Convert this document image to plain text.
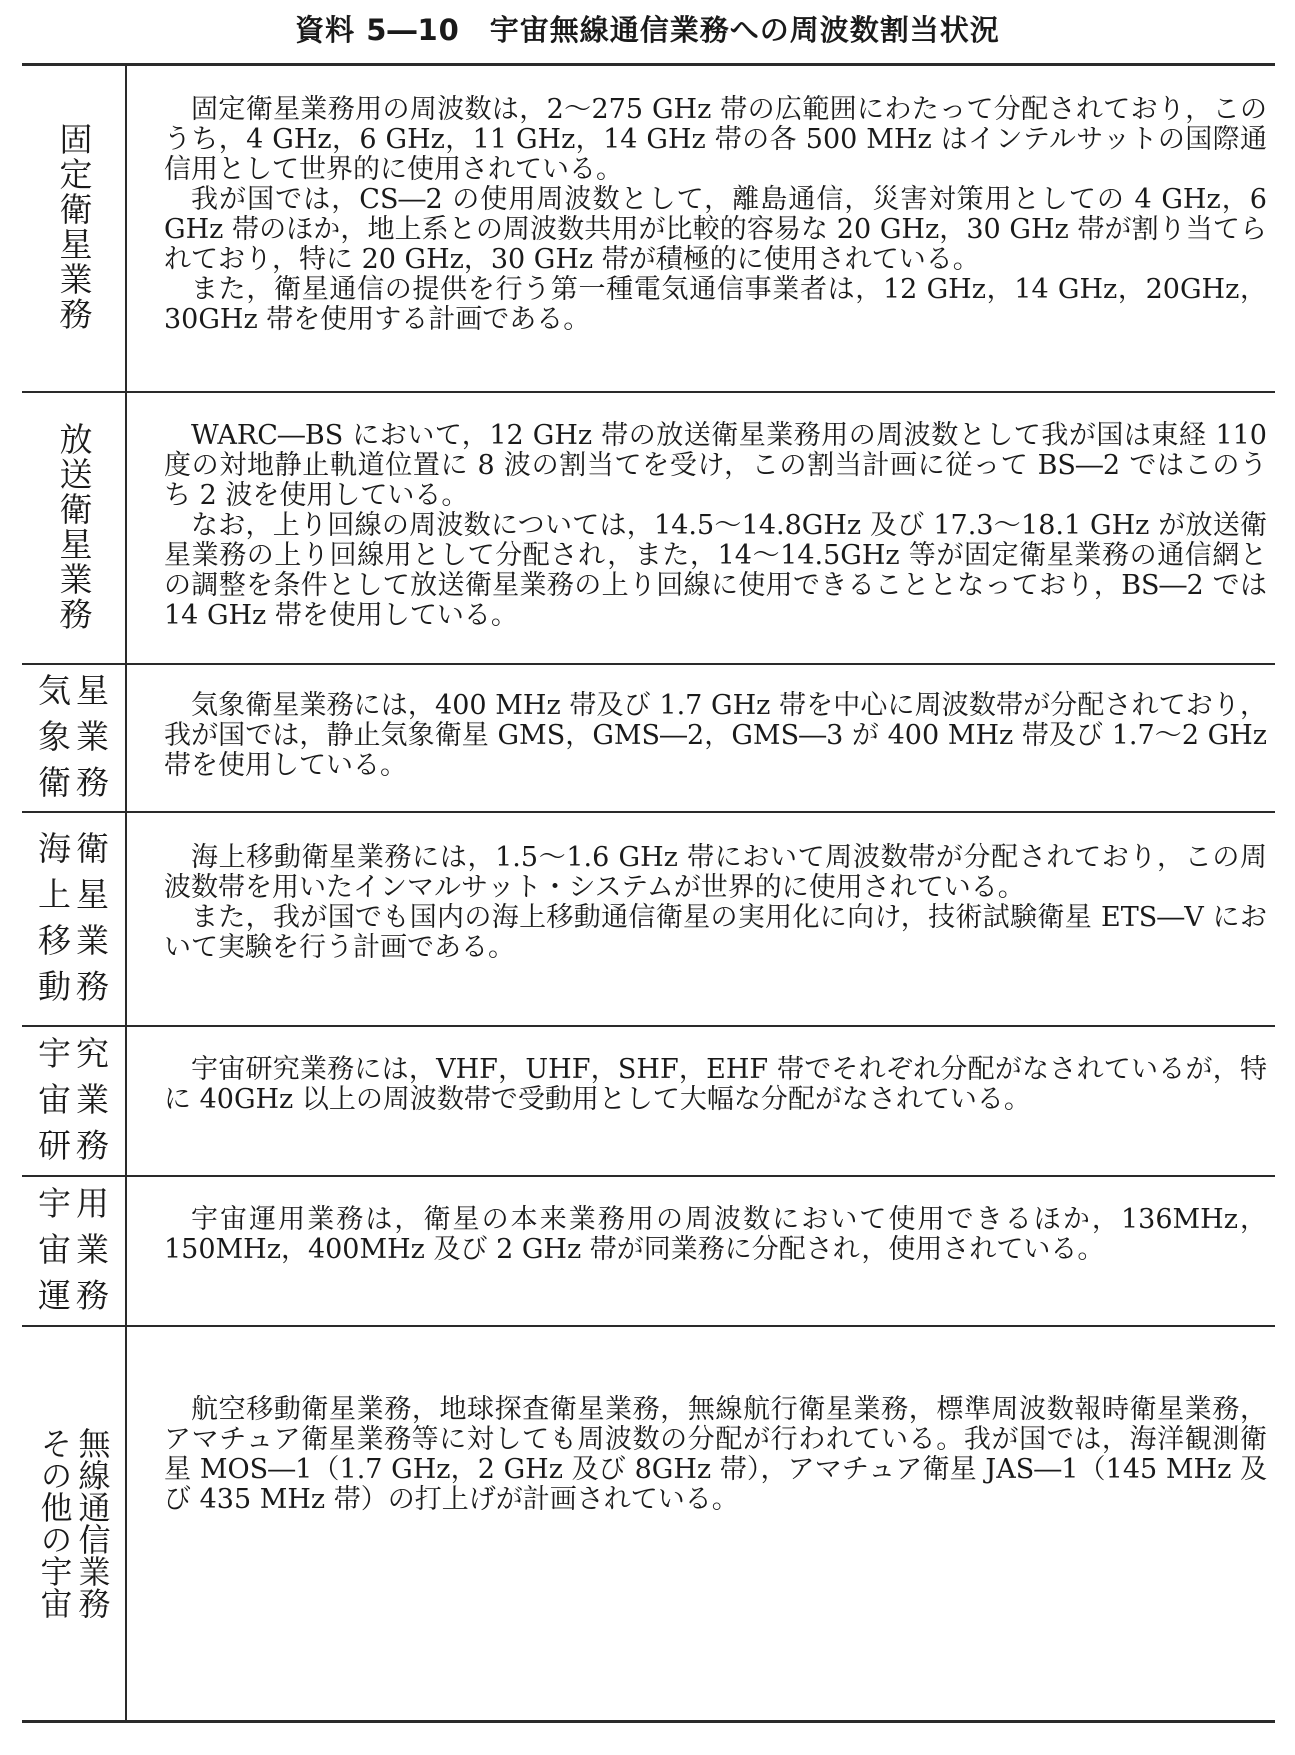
資料 5―10　宇宙無線通信業務への周波数割当状況
固定衛星業務

固定衛星業務用の周波数は，2～275 GHz 帯の広範囲にわたって分配されており，このうち，4 GHz，6 GHz，11 GHz，14 GHz 帯の各 500 MHz はインテルサットの国際通信用として世界的に使用されている。

我が国では，CS―2 の使用周波数として，離島通信，災害対策用としての 4 GHz，6 GHz 帯のほか，地上系との周波数共用が比較的容易な 20 GHz，30 GHz 帯が割り当てられており，特に 20 GHz，30 GHz 帯が積極的に使用されている。

また，衛星通信の提供を行う第一種電気通信事業者は，12 GHz，14 GHz，20GHz，30GHz 帯を使用する計画である。

放送衛星業務	WARC―BS において，12 GHz 帯の放送衛星業務用の周波数として我が国は東経 110 度の対地静止軌道位置に 8 波の割当てを受け，この割当計画に従って BS―2 ではこのうち 2 波を使用している。

なお，上り回線の周波数については，14.5～14.8GHz 及び 17.3～18.1 GHz が放送衛星業務の上り回線用として分配され，また，14～14.5GHz 等が固定衛星業務の通信網との調整を条件として放送衛星業務の上り回線に使用できることとなっており，BS―2 では 14 GHz 帯を使用している。

気 星
象 業
衛 務

気象衛星業務には，400 MHz 帯及び 1.7 GHz 帯を中心に周波数帯が分配されており，我が国では，静止気象衛星 GMS，GMS―2，GMS―3 が 400 MHz 帯及び 1.7～2 GHz 帯を使用している。

海 衛
上 星
移 業
動 務

海上移動衛星業務には，1.5～1.6 GHz 帯において周波数帯が分配されており，この周波数帯を用いたインマルサット・システムが世界的に使用されている。

また，我が国でも国内の海上移動通信衛星の実用化に向け，技術試験衛星 ETS―V において実験を行う計画である。

宇 究
宙 業
研 務

宇宙研究業務には，VHF，UHF，SHF，EHF 帯でそれぞれ分配がなされているが，特に 40GHz 以上の周波数帯で受動用として大幅な分配がなされている。

宇 用
宙 業
運 務

宇宙運用業務は，衛星の本来業務用の周波数において使用できるほか，136MHz，150MHz，400MHz 及び 2 GHz 帯が同業務に分配され，使用されている。

無線通信業務
その他の宇宙

航空移動衛星業務，地球探査衛星業務，無線航行衛星業務，標準周波数報時衛星業務，アマチュア衛星業務等に対しても周波数の分配が行われている。我が国では，海洋観測衛星 MOS―1（1.7 GHz，2 GHz 及び 8GHz 帯），アマチュア衛星 JAS―1（145 MHz 及び 435 MHz 帯）の打上げが計画されている。
